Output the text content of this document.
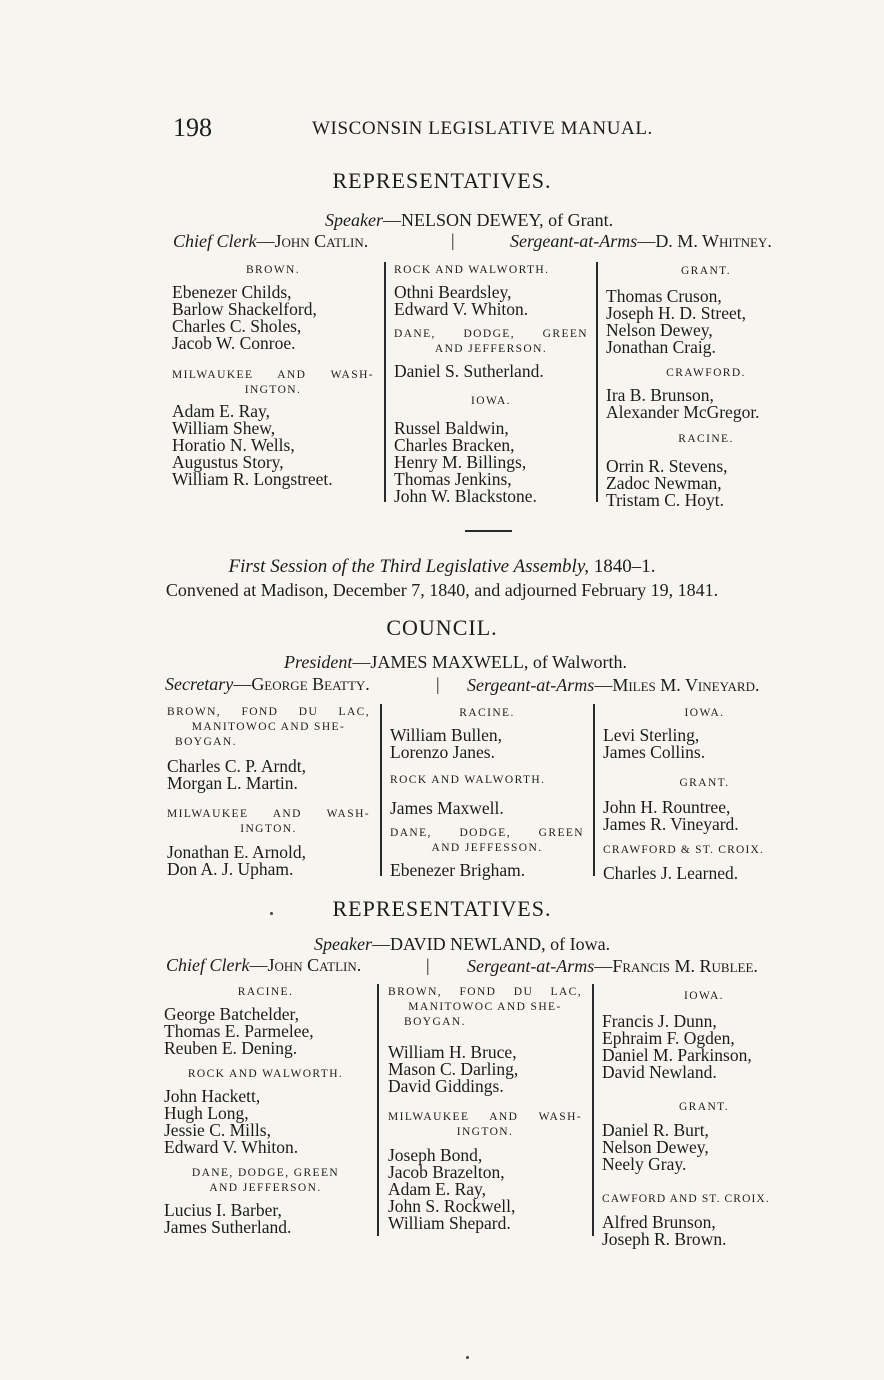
198	WISCONSIN LEGISLATIVE MANUAL.
REPRESENTATIVES.
Speaker—NELSON DEWEY, of Grant.
Chief Clerk—John Catlin.	|	Sergeant-at-Arms—D. M. Whitney.
BROWN.
Ebenezer Childs,
Barlow Shackelford,
Charles C. Sholes,
Jacob W. Conroe.
MILWAUKEE AND WASH-
INGTON.
Adam E. Ray,
William Shew,
Horatio N. Wells,
Augustus Story,
William R. Longstreet.
ROCK AND WALWORTH.
Othni Beardsley,
Edward V. Whiton.
DANE, DODGE, GREEN
AND JEFFERSON.
Daniel S. Sutherland.
IOWA.
Russel Baldwin,
Charles Bracken,
Henry M. Billings,
Thomas Jenkins,
John W. Blackstone.
GRANT.
Thomas Cruson,
Joseph H. D. Street,
Nelson Dewey,
Jonathan Craig.
CRAWFORD.
Ira B. Brunson,
Alexander McGregor.
RACINE.
Orrin R. Stevens,
Zadoc Newman,
Tristam C. Hoyt.
First Session of the Third Legislative Assembly, 1840–1.
Convened at Madison, December 7, 1840, and adjourned February 19, 1841.
COUNCIL.
President—JAMES MAXWELL, of Walworth.
Secretary—George Beatty.	| Sergeant-at-Arms—Miles M. Vineyard.
BROWN, FOND DU LAC,
MANITOWOC AND SHE-
BOYGAN.
Charles C. P. Arndt,
Morgan L. Martin.
MILWAUKEE AND WASH-
INGTON.
Jonathan E. Arnold,
Don A. J. Upham.
RACINE.
William Bullen,
Lorenzo Janes.
ROCK AND WALWORTH.
James Maxwell.
DANE, DODGE, GREEN
AND JEFFESSON.
Ebenezer Brigham.
IOWA.
Levi Sterling,
James Collins.
GRANT.
John H. Rountree,
James R. Vineyard.
CRAWFORD & ST. CROIX.
Charles J. Learned.
REPRESENTATIVES.
Speaker—DAVID NEWLAND, of Iowa.
Chief Clerk—John Catlin.	| Sergeant-at-Arms—Francis M. Rublee.
RACINE.
George Batchelder,
Thomas E. Parmelee,
Reuben E. Dening.
ROCK AND WALWORTH.
John Hackett,
Hugh Long,
Jessie C. Mills,
Edward V. Whiton.
DANE, DODGE, GREEN
AND JEFFERSON.
Lucius I. Barber,
James Sutherland.
BROWN, FOND DU LAC,
MANITOWOC AND SHE-
BOYGAN.
William H. Bruce,
Mason C. Darling,
David Giddings.
MILWAUKEE AND WASH-
INGTON.
Joseph Bond,
Jacob Brazelton,
Adam E. Ray,
John S. Rockwell,
William Shepard.
IOWA.
Francis J. Dunn,
Ephraim F. Ogden,
Daniel M. Parkinson,
David Newland.
GRANT.
Daniel R. Burt,
Nelson Dewey,
Neely Gray.
CAWFORD AND ST. CROIX.
Alfred Brunson,
Joseph R. Brown.
